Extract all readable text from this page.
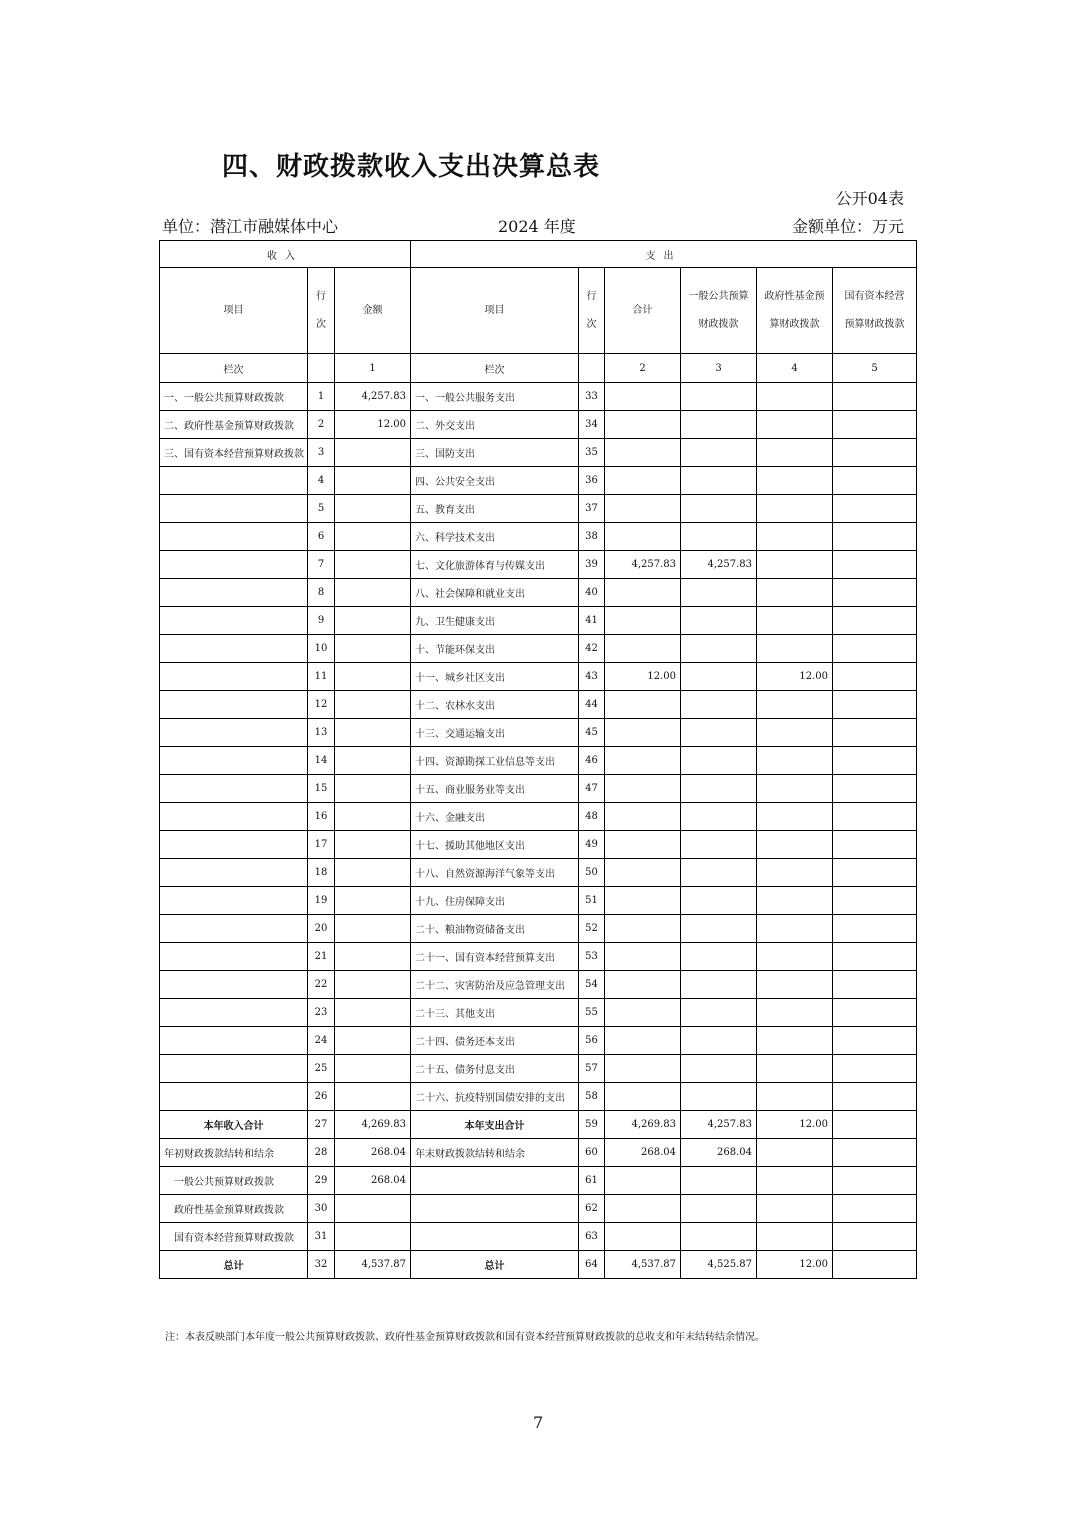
四、财政拨款收入支出决算总表
公开04表
单位：潜江市融媒体中心	2024 年度	金额单位：万元
收入			支出					
项目	行次	金额	项目	行次	合计	一般公共预算财政拨款	政府性基金预算财政拨款	国有资本经营预算财政拨款
栏次		1	栏次		2	3	4	5
一、一般公共预算财政拨款	1	4,257.83	一、一般公共服务支出	33				
二、政府性基金预算财政拨款	2	12.00	二、外交支出	34				
三、国有资本经营预算财政拨款	3		三、国防支出	35				
	4		四、公共安全支出	36				
	5		五、教育支出	37				
	6		六、科学技术支出	38				
	7		七、文化旅游体育与传媒支出	39	4,257.83	4,257.83		
	8		八、社会保障和就业支出	40				
	9		九、卫生健康支出	41				
	10		十、节能环保支出	42				
	11		十一、城乡社区支出	43	12.00		12.00	
	12		十二、农林水支出	44				
	13		十三、交通运输支出	45				
	14		十四、资源勘探工业信息等支出	46				
	15		十五、商业服务业等支出	47				
	16		十六、金融支出	48				
	17		十七、援助其他地区支出	49				
	18		十八、自然资源海洋气象等支出	50				
	19		十九、住房保障支出	51				
	20		二十、粮油物资储备支出	52				
	21		二十一、国有资本经营预算支出	53				
	22		二十二、灾害防治及应急管理支出	54				
	23		二十三、其他支出	55				
	24		二十四、债务还本支出	56				
	25		二十五、债务付息支出	57				
	26		二十六、抗疫特别国债安排的支出	58				
本年收入合计	27	4,269.83	本年支出合计	59	4,269.83	4,257.83	12.00	
年初财政拨款结转和结余	28	268.04	年末财政拨款结转和结余	60	268.04	268.04		
一般公共预算财政拨款	29	268.04		61				
政府性基金预算财政拨款	30			62				
国有资本经营预算财政拨款	31			63				
总计	32	4,537.87	总计	64	4,537.87	4,525.87	12.00	
注：本表反映部门本年度一般公共预算财政拨款、政府性基金预算财政拨款和国有资本经营预算财政拨款的总收支和年末结转结余情况。
7
